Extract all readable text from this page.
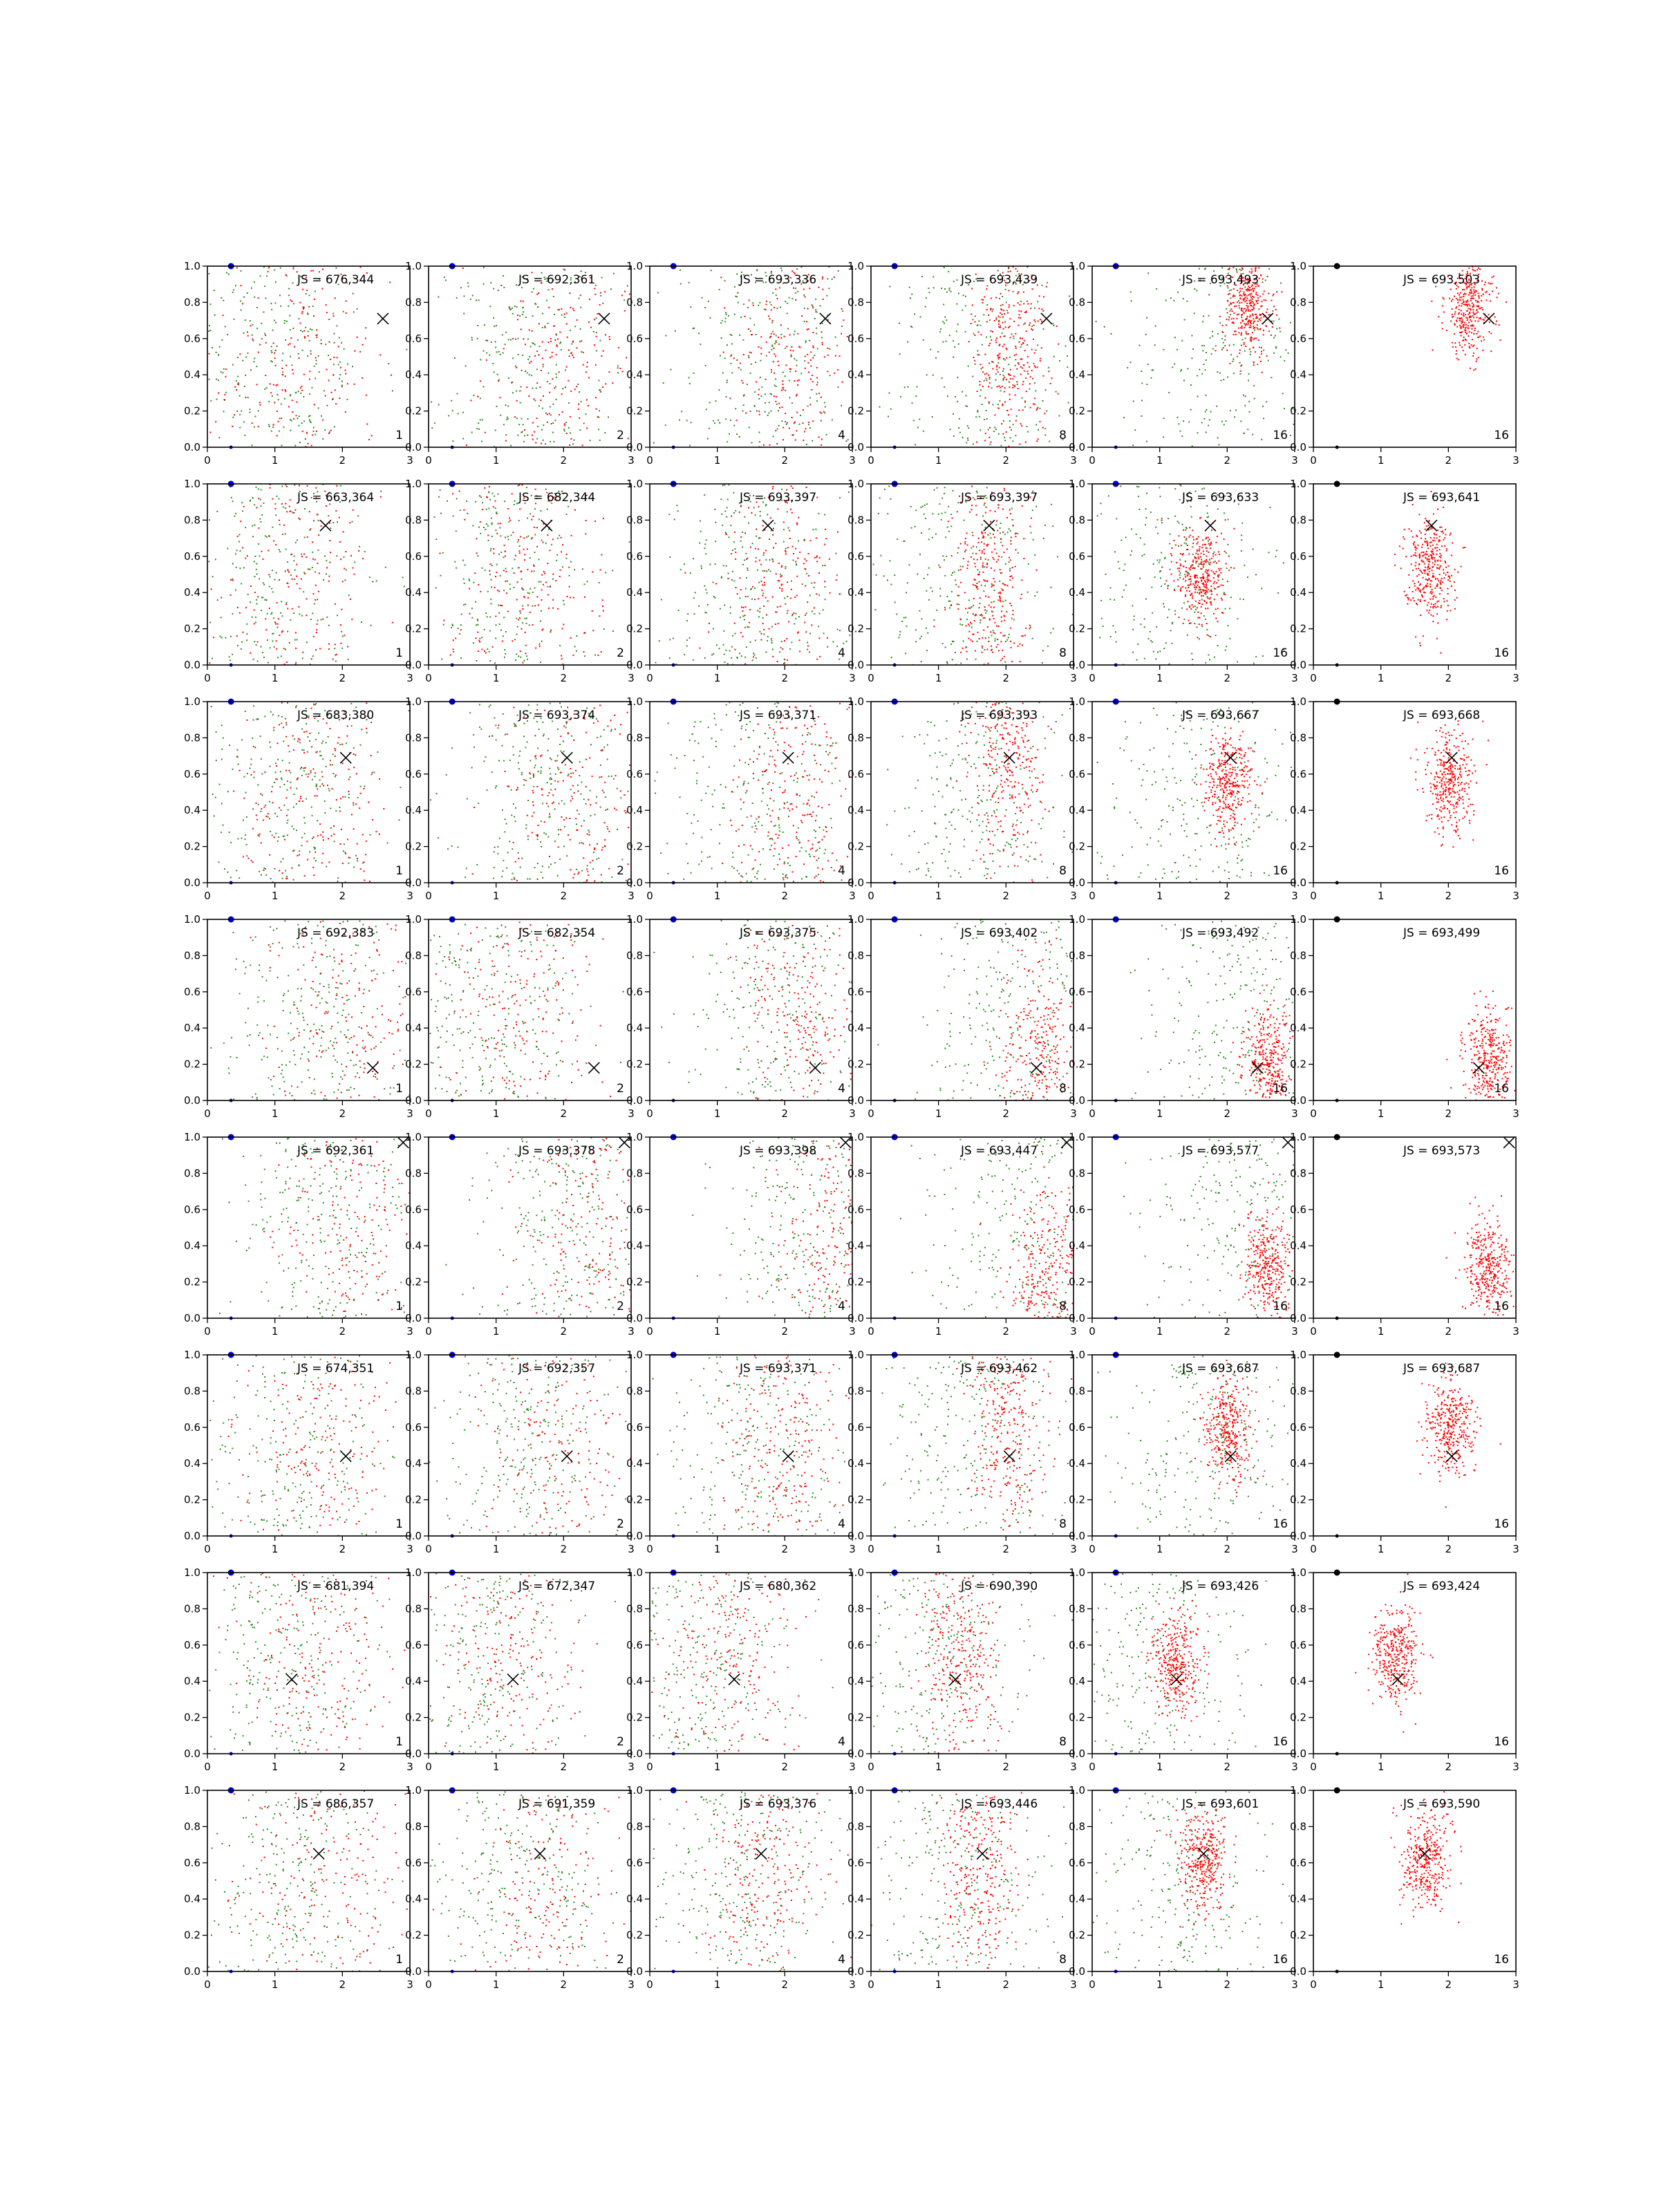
0	1	2	3
0.0
0.2
0.4
0.6
0.8
1.0
JS = 676,344
1
0	1	2	3
0.0
0.2
0.4
0.6
0.8
1.0
JS = 692,361
2
0	1	2	3
0.0
0.2
0.4
0.6
0.8
1.0
JS = 693,336
4
0	1	2	3
0.0
0.2
0.4
0.6
0.8
1.0
JS = 693,439
8
0	1	2	3
0.0
0.2
0.4
0.6
0.8
1.0
JS = 693,493
16
0	1	2	3
0.0
0.2
0.4
0.6
0.8
1.0
JS = 693,503
16
0	1	2	3
0.0
0.2
0.4
0.6
0.8
1.0
JS = 663,364
1
0	1	2	3
0.0
0.2
0.4
0.6
0.8
1.0
JS = 682,344
2
0	1	2	3
0.0
0.2
0.4
0.6
0.8
1.0
JS = 693,397
4
0	1	2	3
0.0
0.2
0.4
0.6
0.8
1.0
JS = 693,397
8
0	1	2	3
0.0
0.2
0.4
0.6
0.8
1.0
JS = 693,633
16
0	1	2	3
0.0
0.2
0.4
0.6
0.8
1.0
JS = 693,641
16
0	1	2	3
0.0
0.2
0.4
0.6
0.8
1.0
JS = 683,380
1
0	1	2	3
0.0
0.2
0.4
0.6
0.8
1.0
JS = 693,374
2
0	1	2	3
0.0
0.2
0.4
0.6
0.8
1.0
JS = 693,371
4
0	1	2	3
0.0
0.2
0.4
0.6
0.8
1.0
JS = 693,393
8
0	1	2	3
0.0
0.2
0.4
0.6
0.8
1.0
JS = 693,667
16
0	1	2	3
0.0
0.2
0.4
0.6
0.8
1.0
JS = 693,668
16
0	1	2	3
0.0
0.2
0.4
0.6
0.8
1.0
JS = 692,383
1
0	1	2	3
0.0
0.2
0.4
0.6
0.8
1.0
JS = 682,354
2
0	1	2	3
0.0
0.2
0.4
0.6
0.8
1.0
JS = 693,375
4
0	1	2	3
0.0
0.2
0.4
0.6
0.8
1.0
JS = 693,402
8
0	1	2	3
0.0
0.2
0.4
0.6
0.8
1.0
JS = 693,492
16
0	1	2	3
0.0
0.2
0.4
0.6
0.8
1.0
JS = 693,499
16
0	1	2	3
0.0
0.2
0.4
0.6
0.8
1.0
JS = 692,361
1
0	1	2	3
0.0
0.2
0.4
0.6
0.8
1.0
JS = 693,378
2
0	1	2	3
0.0
0.2
0.4
0.6
0.8
1.0
JS = 693,398
4
0	1	2	3
0.0
0.2
0.4
0.6
0.8
1.0
JS = 693,447
8
0	1	2	3
0.0
0.2
0.4
0.6
0.8
1.0
JS = 693,577
16
0	1	2	3
0.0
0.2
0.4
0.6
0.8
1.0
JS = 693,573
16
0	1	2	3
0.0
0.2
0.4
0.6
0.8
1.0
JS = 674,351
1
0	1	2	3
0.0
0.2
0.4
0.6
0.8
1.0
JS = 692,357
2
0	1	2	3
0.0
0.2
0.4
0.6
0.8
1.0
JS = 693,371
4
0	1	2	3
0.0
0.2
0.4
0.6
0.8
1.0
JS = 693,462
8
0	1	2	3
0.0
0.2
0.4
0.6
0.8
1.0
JS = 693,687
16
0	1	2	3
0.0
0.2
0.4
0.6
0.8
1.0
JS = 693,687
16
0	1	2	3
0.0
0.2
0.4
0.6
0.8
1.0
JS = 681,394
1
0	1	2	3
0.0
0.2
0.4
0.6
0.8
1.0
JS = 672,347
2
0	1	2	3
0.0
0.2
0.4
0.6
0.8
1.0
JS = 680,362
4
0	1	2	3
0.0
0.2
0.4
0.6
0.8
1.0
JS = 690,390
8
0	1	2	3
0.0
0.2
0.4
0.6
0.8
1.0
JS = 693,426
16
0	1	2	3
0.0
0.2
0.4
0.6
0.8
1.0
JS = 693,424
16
0	1	2	3
0.0
0.2
0.4
0.6
0.8
1.0
JS = 686,357
1
0	1	2	3
0.0
0.2
0.4
0.6
0.8
1.0
JS = 691,359
2
0	1	2	3
0.0
0.2
0.4
0.6
0.8
1.0
JS = 693,376
4
0	1	2	3
0.0
0.2
0.4
0.6
0.8
1.0
JS = 693,446
8
0	1	2	3
0.0
0.2
0.4
0.6
0.8
1.0
JS = 693,601
16
0	1	2	3
0.0
0.2
0.4
0.6
0.8
1.0
JS = 693,590
16
